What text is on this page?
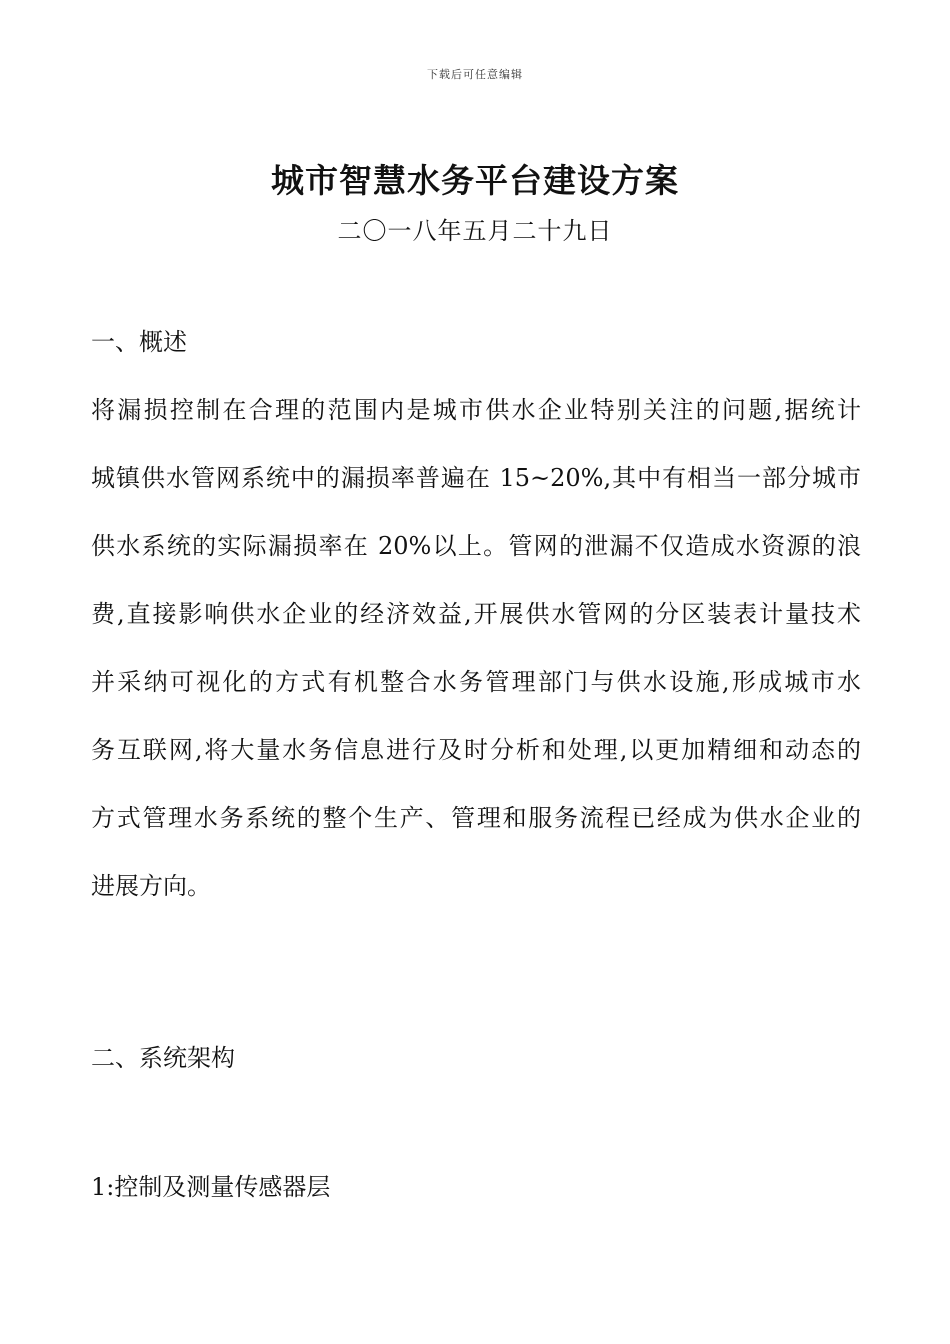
下载后可任意编辑
城市智慧水务平台建设方案
二〇一八年五月二十九日
一、概述
将漏损控制在合理的范围内是城市供水企业特别关注的问题,据统计
城镇供水管网系统中的漏损率普遍在 15~20%,其中有相当一部分城市
供水系统的实际漏损率在 20%以上。管网的泄漏不仅造成水资源的浪
费,直接影响供水企业的经济效益,开展供水管网的分区装表计量技术
并采纳可视化的方式有机整合水务管理部门与供水设施,形成城市水
务互联网,将大量水务信息进行及时分析和处理,以更加精细和动态的
方式管理水务系统的整个生产、管理和服务流程已经成为供水企业的
进展方向。
二、系统架构
1:控制及测量传感器层
